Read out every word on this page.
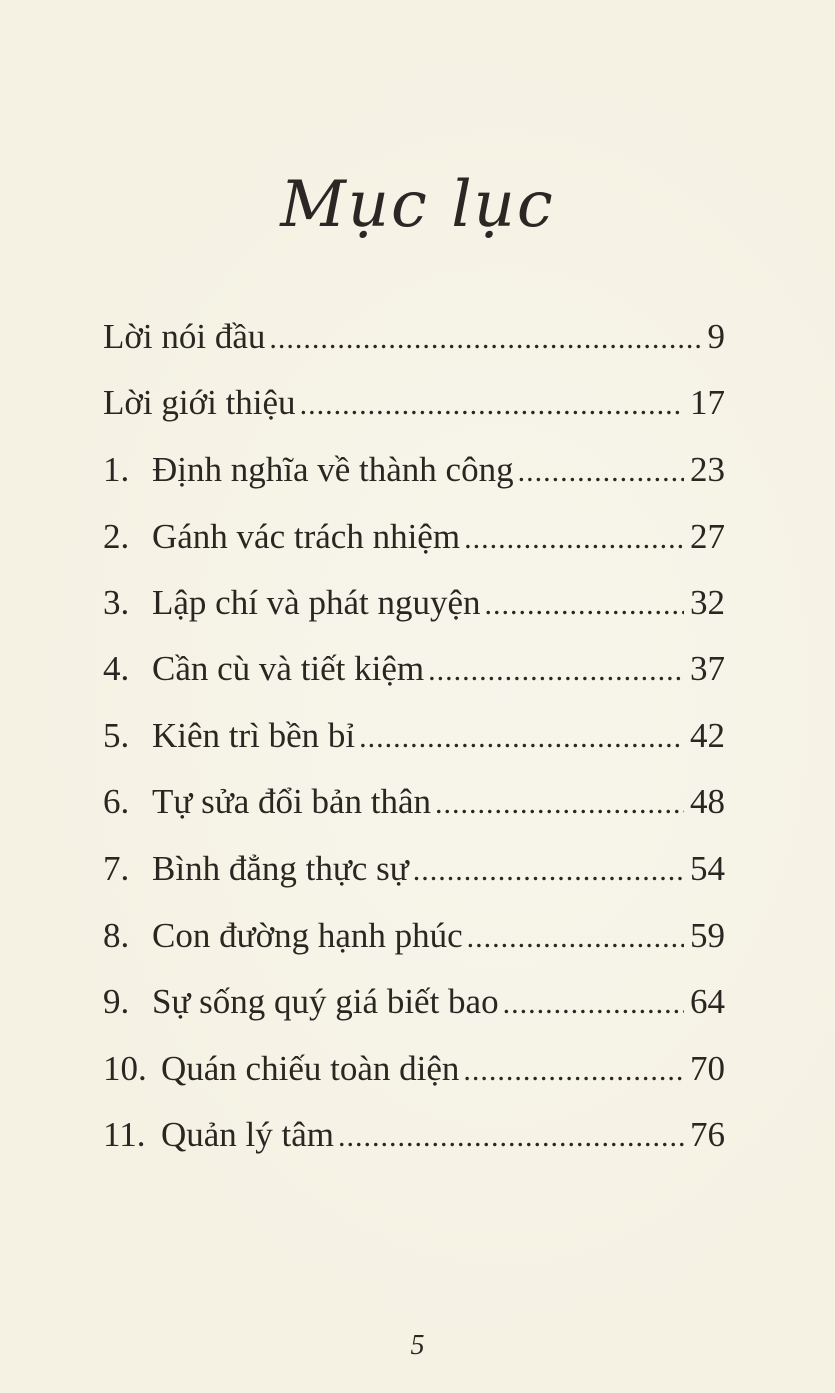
Mục lục
Lời nói đầu .....	9
Lời giới thiệu .....	17
1. Định nghĩa về thành công .....	23
2. Gánh vác trách nhiệm .....	27
3. Lập chí và phát nguyện .....	32
4. Cần cù và tiết kiệm .....	37
5. Kiên trì bền bỉ .....	42
6. Tự sửa đổi bản thân .....	48
7. Bình đẳng thực sự .....	54
8. Con đường hạnh phúc .....	59
9. Sự sống quý giá biết bao .....	64
10. Quán chiếu toàn diện .....	70
11. Quản lý tâm .....	76
5
